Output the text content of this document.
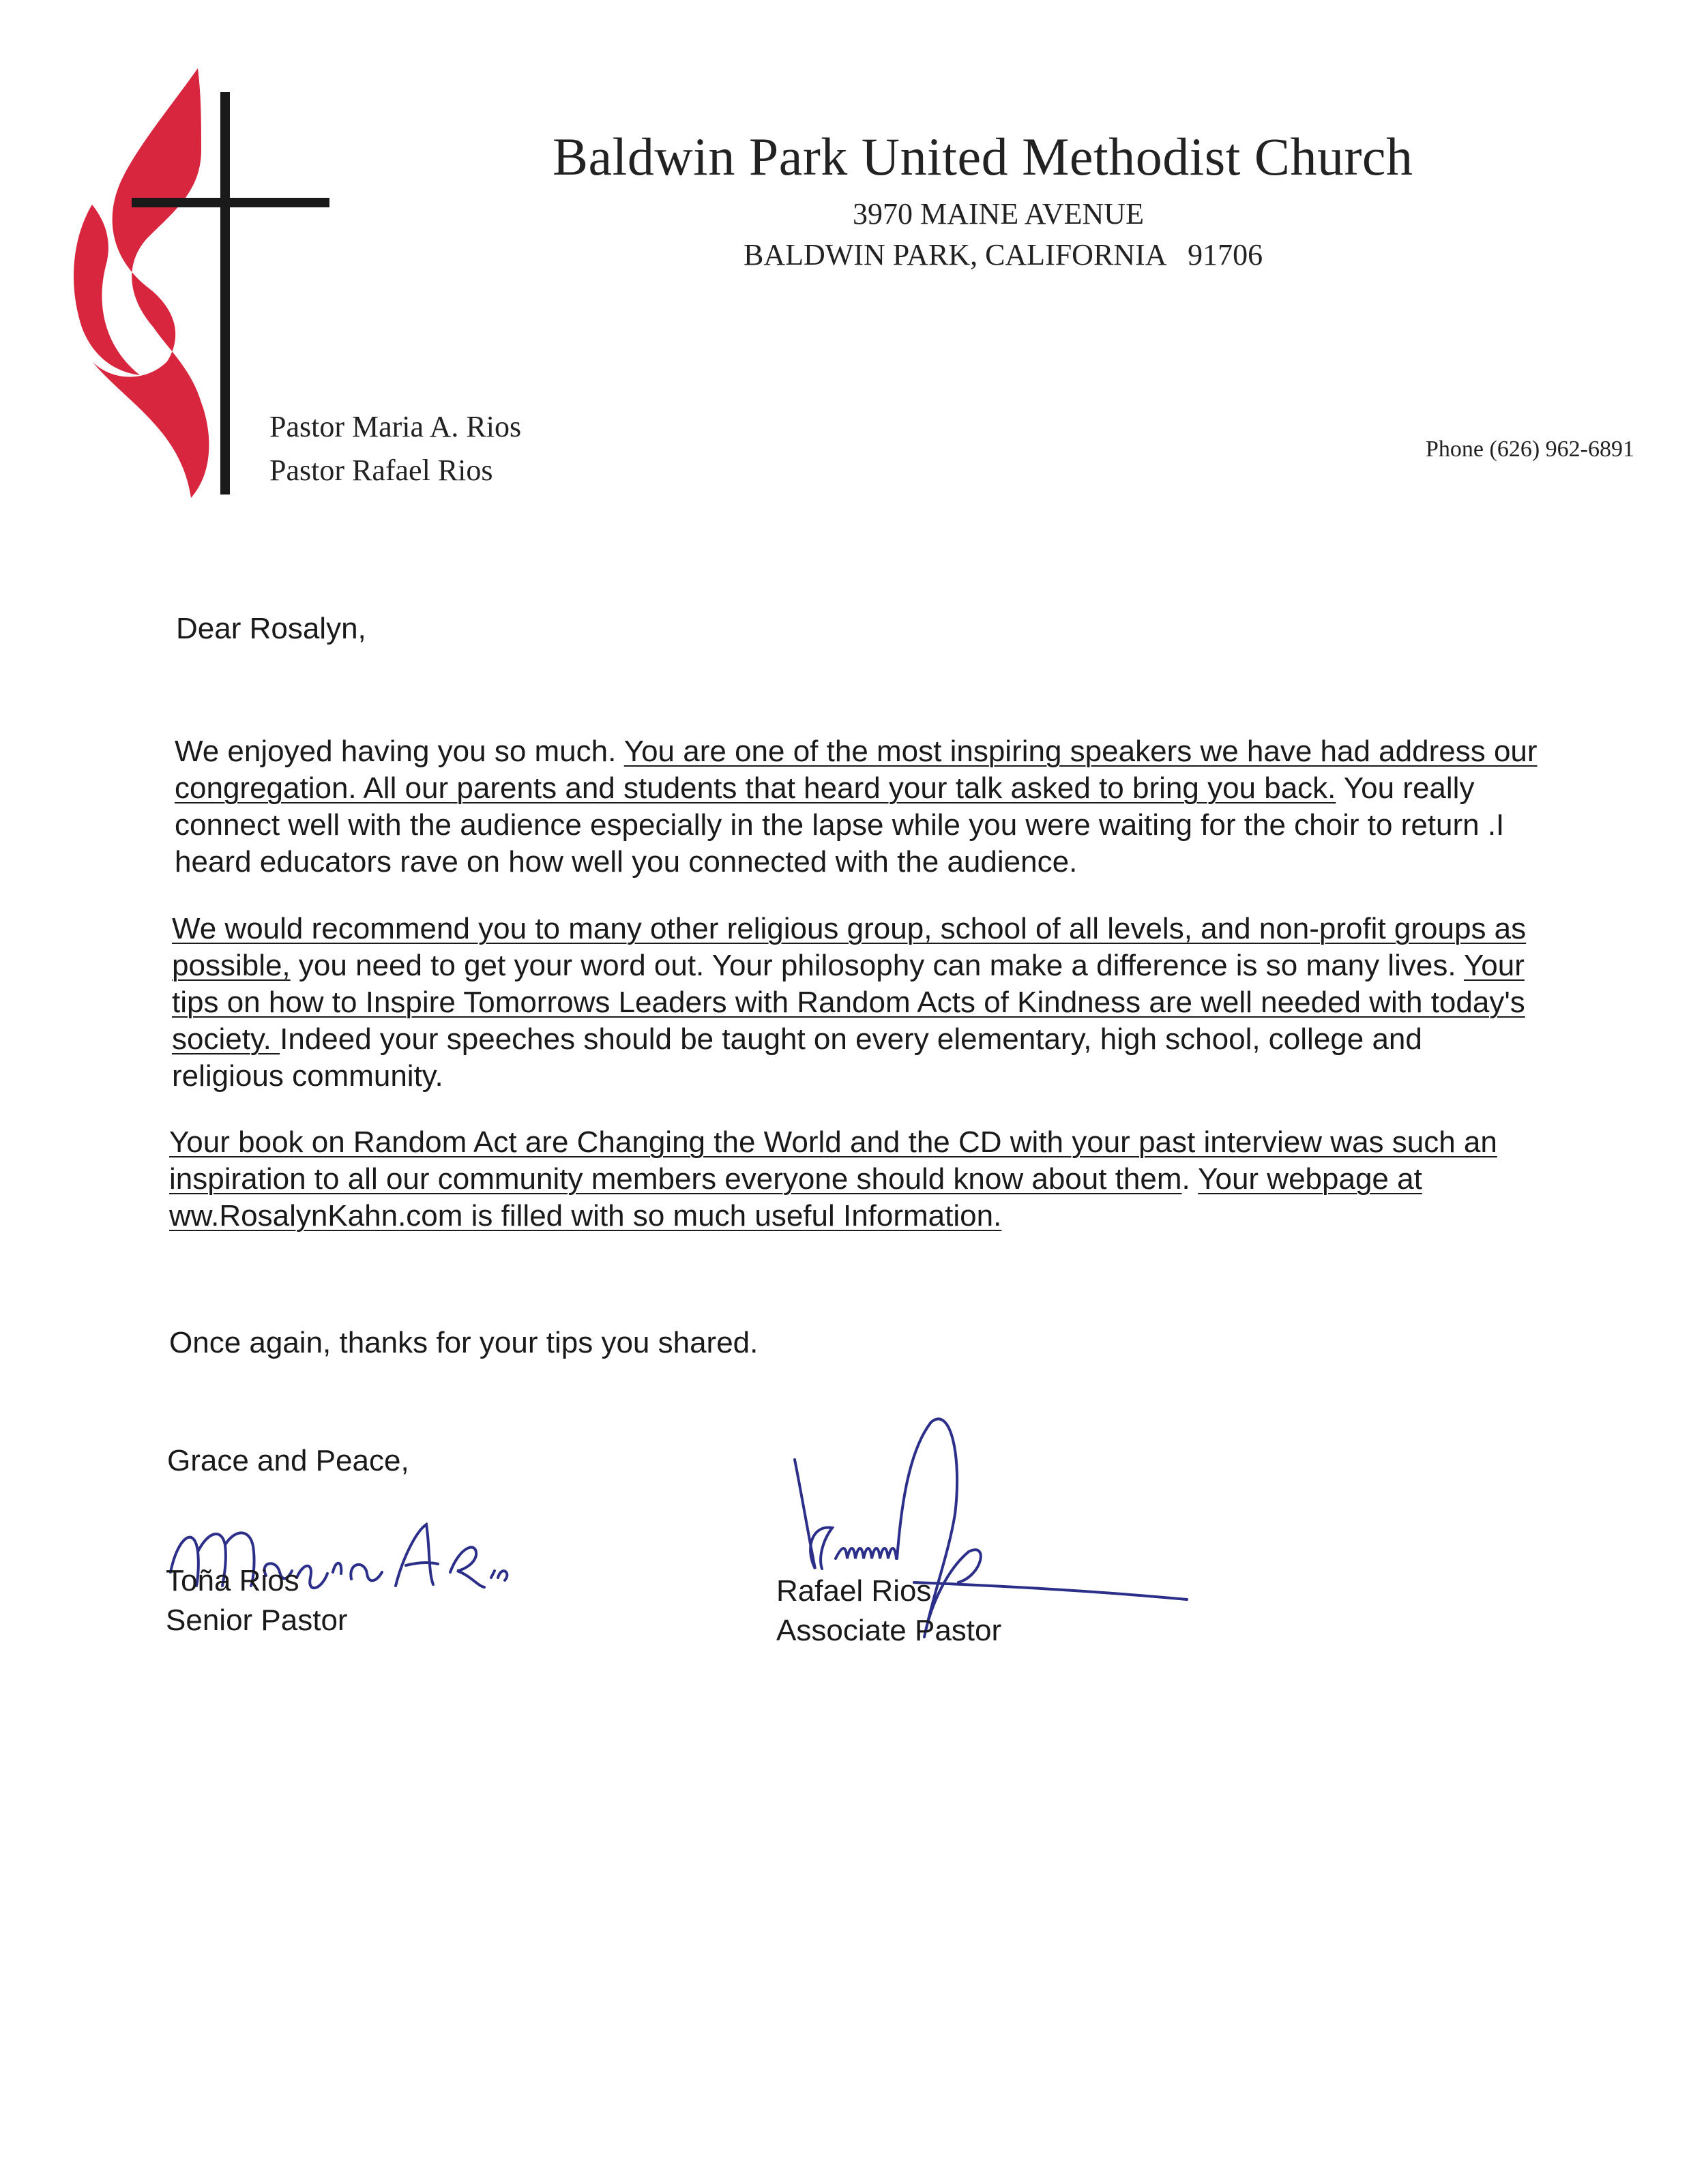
Baldwin Park United Methodist Church
3970 MAINE AVENUE
BALDWIN PARK, CALIFORNIA   91706
Pastor Maria A. Rios
Pastor Rafael Rios
Phone (626) 962-6891
Dear Rosalyn,
We enjoyed having you so much. You are one of the most inspiring speakers we have had address our congregation. All our parents and students that heard your talk asked to bring you back. You really connect well with the audience especially in the lapse while you were waiting for the choir to return .I heard educators rave on how well you connected with the audience.
We would recommend you to many other religious group, school of all levels, and non-profit groups as possible, you need to get your word out. Your philosophy can make a difference is so many lives. Your tips on how to Inspire Tomorrows Leaders with Random Acts of Kindness are well needed with today's society. Indeed your speeches should be taught on every elementary, high school, college and religious community.
Your book on Random Act are Changing the World and the CD with your past interview was such an inspiration to all our community members everyone should know about them. Your webpage at ww.RosalynKahn.com is filled with so much useful Information.
Once again, thanks for your tips you shared.
Grace and Peace,
Toña Rios
Senior Pastor
Rafael Rios
Associate Pastor
